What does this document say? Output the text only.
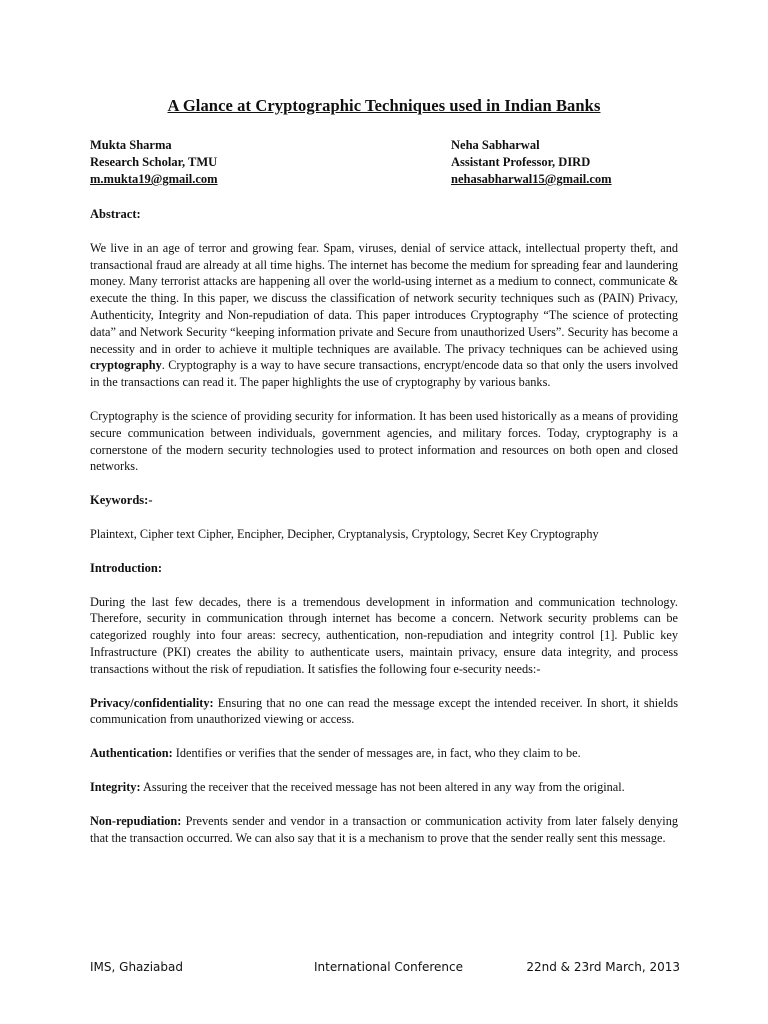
A Glance at Cryptographic Techniques used in Indian Banks
Mukta Sharma
Research Scholar, TMU
m.mukta19@gmail.com
Neha Sabharwal
Assistant Professor, DIRD
nehasabharwal15@gmail.com
Abstract:

We live in an age of terror and growing fear. Spam, viruses, denial of service attack, intellectual property theft, and transactional fraud are already at all time highs. The internet has become the medium for spreading fear and laundering money. Many terrorist attacks are happening all over the world-using internet as a medium to connect, communicate & execute the thing. In this paper, we discuss the classification of network security techniques such as (PAIN) Privacy, Authenticity, Integrity and Non-repudiation of data. This paper introduces Cryptography “The science of protecting data” and Network Security “keeping information private and Secure from unauthorized Users”. Security has become a necessity and in order to achieve it multiple techniques are available. The privacy techniques can be achieved using cryptography. Cryptography is a way to have secure transactions, encrypt/encode data so that only the users involved in the transactions can read it. The paper highlights the use of cryptography by various banks.

Cryptography is the science of providing security for information. It has been used historically as a means of providing secure communication between individuals, government agencies, and military forces. Today, cryptography is a cornerstone of the modern security technologies used to protect information and resources on both open and closed networks.

Keywords:-

Plaintext, Cipher text Cipher, Encipher, Decipher, Cryptanalysis, Cryptology, Secret Key Cryptography

Introduction:

During the last few decades, there is a tremendous development in information and communication technology. Therefore, security in communication through internet has become a concern. Network security problems can be categorized roughly into four areas: secrecy, authentication, non-repudiation and integrity control [1]. Public key Infrastructure (PKI) creates the ability to authenticate users, maintain privacy, ensure data integrity, and process transactions without the risk of repudiation. It satisfies the following four e-security needs:-

Privacy/confidentiality: Ensuring that no one can read the message except the intended receiver. In short, it shields communication from unauthorized viewing or access.

Authentication: Identifies or verifies that the sender of messages are, in fact, who they claim to be.

Integrity: Assuring the receiver that the received message has not been altered in any way from the original.

Non-repudiation: Prevents sender and vendor in a transaction or communication activity from later falsely denying that the transaction occurred. We can also say that it is a mechanism to prove that the sender really sent this message.

IMS, Ghaziabad	International Conference	22nd & 23rd March, 2013
